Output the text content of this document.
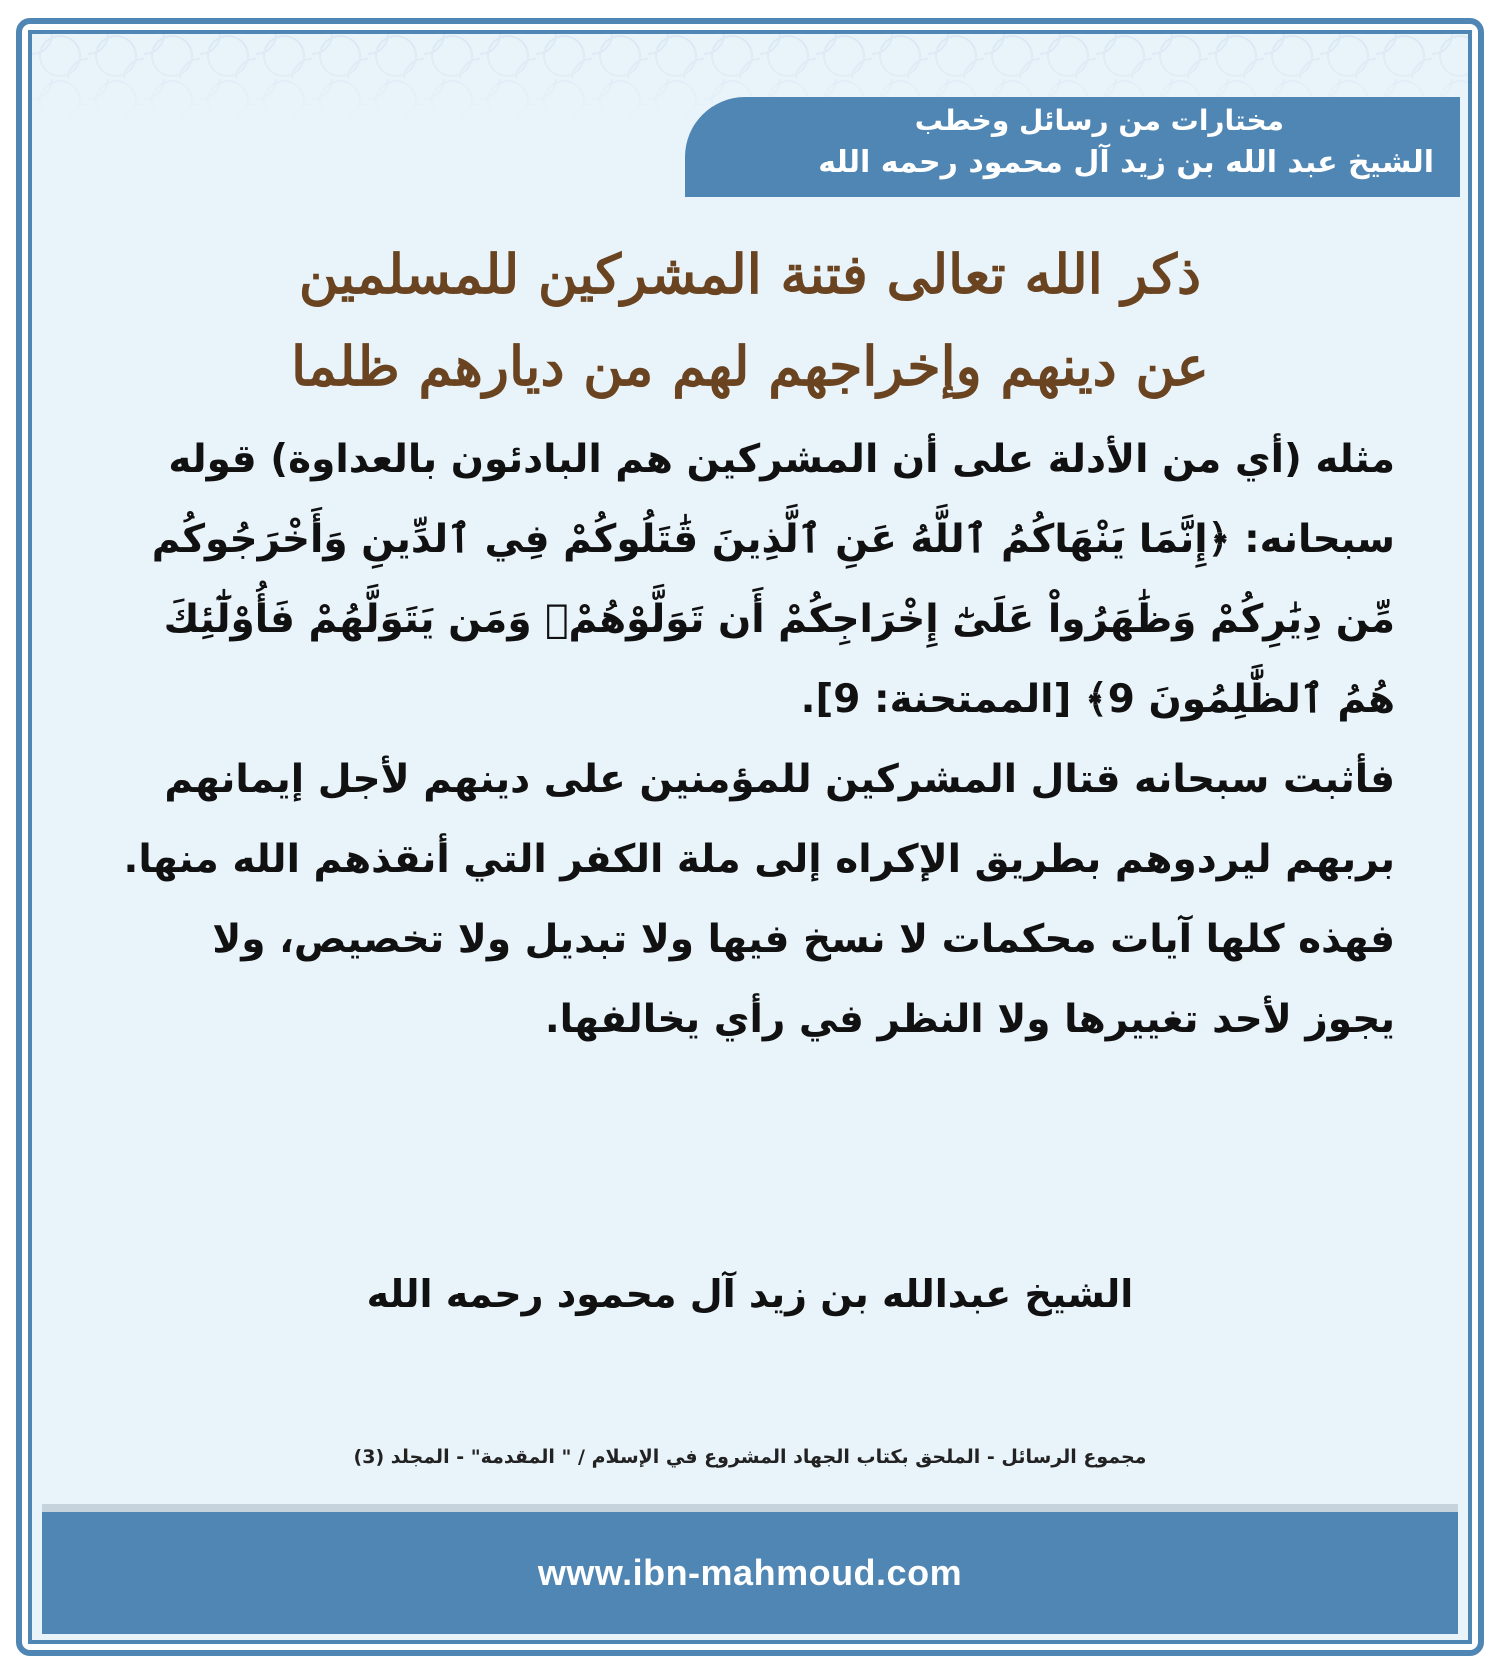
مختارات من رسائل وخطب
الشيخ عبد الله بن زيد آل محمود رحمه الله
ذكر الله تعالى فتنة المشركين للمسلمين
عن دينهم وإخراجهم لهم من ديارهم ظلما

مثله (أي من الأدلة على أن المشركين هم البادئون بالعداوة) قوله سبحانه: ﴿إِنَّمَا يَنْهَاكُمُ ٱللَّهُ عَنِ ٱلَّذِينَ قَٰتَلُوكُمْ فِي ٱلدِّينِ وَأَخْرَجُوكُم مِّن دِيَٰرِكُمْ وَظَٰهَرُواْ عَلَىٰٓ إِخْرَاجِكُمْ أَن تَوَلَّوْهُمْۚ وَمَن يَتَوَلَّهُمْ فَأُوْلَٰٓئِكَ هُمُ ٱلظَّٰلِمُونَ 9﴾ [الممتحنة: 9].

فأثبت سبحانه قتال المشركين للمؤمنين على دينهم لأجل إيمانهم بربهم ليردوهم بطريق الإكراه إلى ملة الكفر التي أنقذهم الله منها.

فهذه كلها آيات محكمات لا نسخ فيها ولا تبديل ولا تخصيص، ولا يجوز لأحد تغييرها ولا النظر في رأي يخالفها.

الشيخ عبدالله بن زيد آل محمود رحمه الله
مجموع الرسائل - الملحق بكتاب الجهاد المشروع في الإسلام / " المقدمة" - المجلد (3)
www.ibn-mahmoud.com
